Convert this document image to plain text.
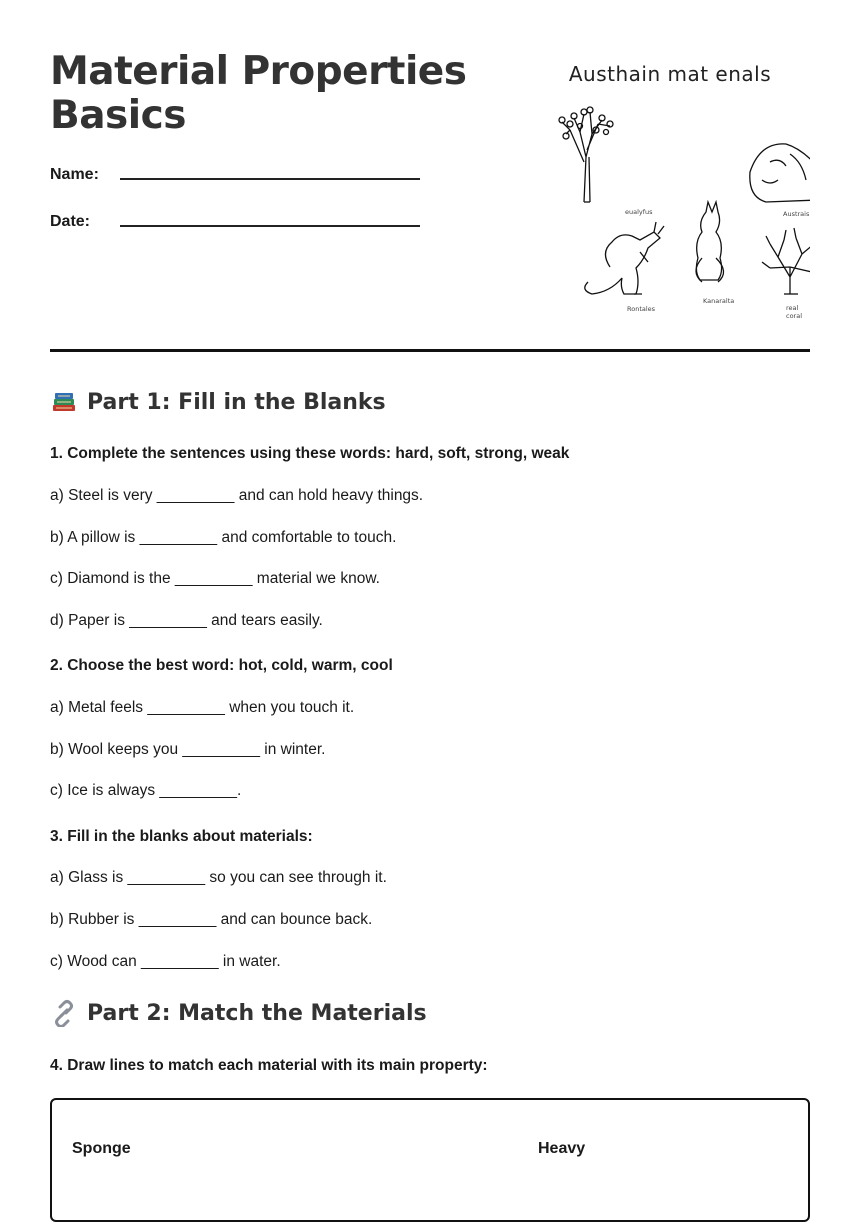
Material Properties Basics
Name:
Date:
Austhain mat enals
eualyfus	Austrais
Rontales
Kanaralta
real coral
Part 1: Fill in the Blanks
1. Complete the sentences using these words: hard, soft, strong, weak
a) Steel is very _________ and can hold heavy things.
b) A pillow is _________ and comfortable to touch.
c) Diamond is the _________ material we know.
d) Paper is _________ and tears easily.
2. Choose the best word: hot, cold, warm, cool
a) Metal feels _________ when you touch it.
b) Wool keeps you _________ in winter.
c) Ice is always _________.
3. Fill in the blanks about materials:
a) Glass is _________ so you can see through it.
b) Rubber is _________ and can bounce back.
c) Wood can _________ in water.
Part 2: Match the Materials
4. Draw lines to match each material with its main property:
Sponge	Heavy
